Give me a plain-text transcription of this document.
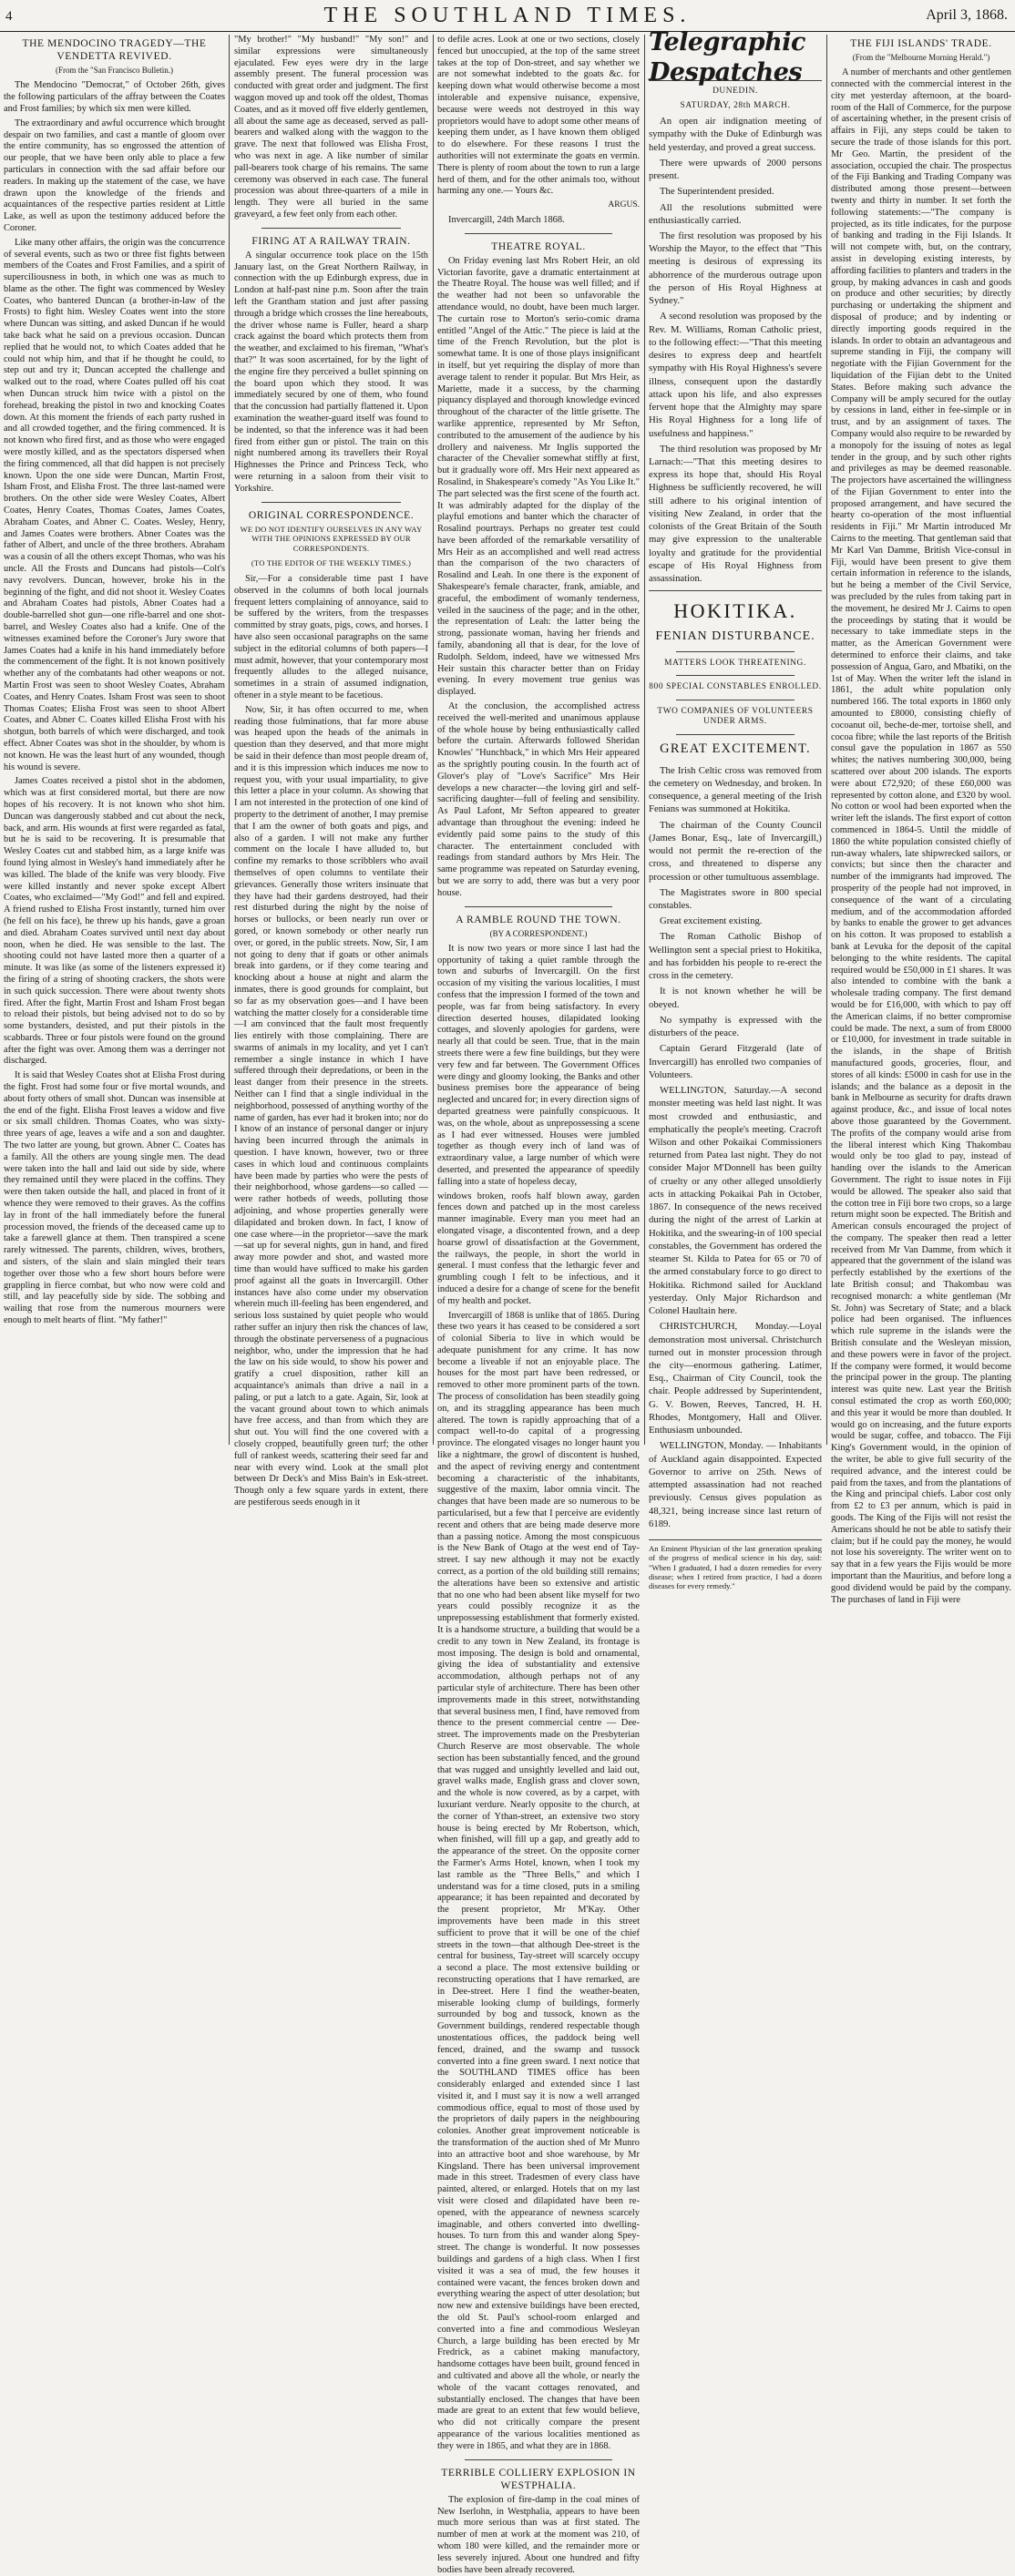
4	THE SOUTHLAND TIMES.	April 3, 1868.
THE MENDOCINO TRAGEDY—THE VENDETTA REVIVED.
(From the "San Francisco Bulletin.)

The Mendocino "Democrat," of October 26th, gives the following particulars of the affray between the Coates and Frost families; by which six men were killed.

The extraordinary and awful occurrence which brought despair on two families, and cast a mantle of gloom over the entire community, has so engrossed the attention of our people, that we have been only able to place a few particulars in connection with the sad affair before our readers. In making up the statement of the case, we have drawn upon the knowledge of the friends and acquaintances of the respective parties resident at Little Lake, as well as upon the testimony adduced before the Coroner.

Like many other affairs, the origin was the concurrence of several events, such as two or three fist fights between members of the Coates and Frost Families, and a spirit of superciliousness in both, in which one was as much to blame as the other. The fight was commenced by Wesley Coates, who bantered Duncan (a brother-in-law of the Frosts) to fight him. Wesley Coates went into the store where Duncan was sitting, and asked Duncan if he would take back what he said on a previous occasion. Duncan replied that he would not, to which Coates added that he could not whip him, and that if he thought he could, to step out and try it; Duncan accepted the challenge and walked out to the road, where Coates pulled off his coat when Duncan struck him twice with a pistol on the forehead, breaking the pistol in two and knocking Coates down. At this moment the friends of each party rushed in and all crowded together, and the firing commenced. It is not known who fired first, and as those who were engaged were mostly killed, and as the spectators dispersed when the firing commenced, all that did happen is not precisely known. Upon the one side were Duncan, Martin Frost, Isham Frost, and Elisha Frost. The three last-named were brothers. On the other side were Wesley Coates, Albert Coates, Henry Coates, Thomas Coates, James Coates, Abraham Coates, and Abner C. Coates. Wesley, Henry, and James Coates were brothers. Abner Coates was the father of Albert, and uncle of the three brothers. Abraham was a cousin of all the others except Thomas, who was his uncle. All the Frosts and Duncans had pistols—Colt's navy revolvers. Duncan, however, broke his in the beginning of the fight, and did not shoot it. Wesley Coates and Abraham Coates had pistols, Abner Coates had a double-barrelled shot gun—one rifle-barrel and one shot-barrel, and Wesley Coates also had a knife. One of the witnesses examined before the Coroner's Jury swore that James Coates had a knife in his hand immediately before the commencement of the fight. It is not known positively whether any of the combatants had other weapons or not. Martin Frost was seen to shoot Wesley Coates, Abraham Coates, and Henry Coates. Isham Frost was seen to shoot Thomas Coates; Elisha Frost was seen to shoot Albert Coates, and Abner C. Coates killed Elisha Frost with his shotgun, both barrels of which were discharged, and took effect. Abner Coates was shot in the shoulder, by whom is not known. He was the least hurt of any wounded, though his wound is severe.

James Coates received a pistol shot in the abdomen, which was at first considered mortal, but there are now hopes of his recovery. It is not known who shot him. Duncan was dangerously stabbed and cut about the neck, back, and arm. His wounds at first were regarded as fatal, but he is said to be recovering. It is presumable that Wesley Coates cut and stabbed him, as a large knife was found lying almost in Wesley's hand immediately after he was killed. The blade of the knife was very bloody. Five were killed instantly and never spoke except Albert Coates, who exclaimed—"My God!" and fell and expired. A friend rushed to Elisha Frost instantly, turned him over (he fell on his face), he threw up his hands, gave a groan and died. Abraham Coates survived until next day about noon, when he died. He was sensible to the last. The shooting could not have lasted more then a quarter of a minute. It was like (as some of the listeners expressed it) the firing of a string of shooting crackers, the shots were in such quick succession. There were about twenty shots fired. After the fight, Martin Frost and Isham Frost began to reload their pistols, but being advised not to do so by some bystanders, desisted, and put their pistols in the scabbards. Three or four pistols were found on the ground after the fight was over. Among them was a derringer not discharged.

It is said that Wesley Coates shot at Elisha Frost during the fight. Frost had some four or five mortal wounds, and about forty others of small shot. Duncan was insensible at the end of the fight. Elisha Frost leaves a widow and five or six small children. Thomas Coates, who was sixty-three years of age, leaves a wife and a son and daughter. The two latter are young, but grown. Abner C. Coates has a family. All the others are young single men. The dead were taken into the hall and laid out side by side, where they remained until they were placed in the coffins. They were then taken outside the hall, and placed in front of it whence they were removed to their graves. As the coffins lay in front of the hall immediately before the funeral procession moved, the friends of the deceased came up to take a farewell glance at them. Then transpired a scene rarely witnessed. The parents, children, wives, brothers, and sisters, of the slain and slain mingled their tears together over those who a few short hours before were grappling in fierce combat, but who now were cold and still, and lay peacefully side by side. The sobbing and wailing that rose from the numerous mourners were enough to melt hearts of flint. "My father!"

"My brother!" "My husband!" "My son!" and similar expressions were simultaneously ejaculated. Few eyes were dry in the large assembly present. The funeral procession was conducted with great order and judgment. The first waggon moved up and took off the oldest, Thomas Coates, and as it moved off five elderly gentlemen, all about the same age as deceased, served as pall-bearers and walked along with the waggon to the grave. The next that followed was Elisha Frost, who was next in age. A like number of similar pall-bearers took charge of his remains. The same ceremony was observed in each case. The funeral procession was about three-quarters of a mile in length. They were all buried in the same graveyard, a few feet only from each other.

FIRING AT A RAILWAY TRAIN.

A singular occurrence took place on the 15th January last, on the Great Northern Railway, in connection with the up Edinburgh express, due in London at half-past nine p.m. Soon after the train left the Grantham station and just after passing through a bridge which crosses the line hereabouts, the driver whose name is Fuller, heard a sharp crack against the board which protects them from the weather, and exclaimed to his fireman, "What's that?" It was soon ascertained, for by the light of the engine fire they perceived a bullet spinning on the board upon which they stood. It was immediately secured by one of them, who found that the concussion had partially flattened it. Upon examination the weather-guard itself was found to be indented, so that the inference was it had been fired from either gun or pistol. The train on this night numbered among its travellers their Royal Highnesses the Prince and Princess Teck, who were returning in a saloon from their visit to Yorkshire.

ORIGINAL CORRESPONDENCE.
WE DO NOT IDENTIFY OURSELVES IN ANY WAY WITH THE OPINIONS EXPRESSED BY OUR CORRESPONDENTS.
(TO THE EDITOR OF THE WEEKLY TIMES.)

Sir,—For a considerable time past I have observed in the columns of both local journals frequent letters complaining of annoyance, said to be suffered by the writers, from the trespasses committed by stray goats, pigs, cows, and horses. I have also seen occasional paragraphs on the same subject in the editorial columns of both papers—I must admit, however, that your contemporary most frequently alludes to the alleged nuisance, sometimes in a strain of assumed indignation, oftener in a style meant to be facetious.

Now, Sir, it has often occurred to me, when reading those fulminations, that far more abuse was heaped upon the heads of the animals in question than they deserved, and that more might be said in their defence than most people dream of, and it is this impression which induces me now to request you, with your usual impartiality, to give this letter a place in your column. As showing that I am not interested in the protection of one kind of property to the detriment of another, I may premise that I am the owner of both goats and pigs, and also of a garden. I will not make any further comment on the locale I have alluded to, but confine my remarks to those scribblers who avail themselves of open columns to ventilate their grievances. Generally those writers insinuate that they have had their gardens destroyed, had their rest disturbed during the night by the noise of horses or bullocks, or been nearly run over or gored, or known somebody or other nearly run over, or gored, in the public streets. Now, Sir, I am not going to deny that if goats or other animals break into gardens, or if they come tearing and knocking about a house at night and alarm the inmates, there is good grounds for complaint, but so far as my observation goes—and I have been watching the matter closely for a considerable time—I am convinced that the fault most frequently lies entirely with those complaining. There are swarms of animals in my locality, and yet I can't remember a single instance in which I have suffered through their depredations, or been in the least danger from their presence in the streets. Neither can I find that a single individual in the neighborhood, possessed of anything worthy of the name of garden, has ever had it broken into; nor do I know of an instance of personal danger or injury having been incurred through the animals in question. I have known, however, two or three cases in which loud and continuous complaints have been made by parties who were the pests of their neighborhood, whose gardens—so called —were rather hotbeds of weeds, polluting those adjoining, and whose properties generally were dilapidated and broken down. In fact, I know of one case where—in the proprietor—save the mark—sat up for several nights, gun in hand, and fired away more powder and shot, and wasted more time than would have sufficed to make his garden proof against all the goats in Invercargill. Other instances have also come under my observation wherein much ill-feeling has been engendered, and serious loss sustained by quiet people who would rather suffer an injury then risk the chances of law, through the obstinate perverseness of a pugnacious neighbor, who, under the impression that he had the law on his side would, to show his power and gratify a cruel disposition, rather kill an acquaintance's animals than drive a nail in a paling, or put a latch to a gate. Again, Sir, look at the vacant ground about town to which animals have free access, and than from which they are shut out. You will find the one covered with a closely cropped, beautifully green turf; the other full of rankest weeds, scattering their seed far and near with every wind. Look at the small plot between Dr Deck's and Miss Bain's in Esk-street. Though only a few square yards in extent, there are pestiferous seeds enough in it

to defile acres. Look at one or two sections, closely fenced but unoccupied, at the top of the same street takes at the top of Don-street, and say whether we are not somewhat indebted to the goats &c. for keeping down what would otherwise become a most intolerable and expensive nuisance, expensive, because were weeds not destroyed in this way proprietors would have to adopt some other means of keeping them under, as I have known them obliged to do elsewhere. For these reasons I trust the authorities will not exterminate the goats en vermin. There is plenty of room about the town to run a large herd of them, and for the other animals too, without harming any one.— Yours &c.

ARGUS.

Invercargill, 24th March 1868.

THEATRE ROYAL.

On Friday evening last Mrs Robert Heir, an old Victorian favorite, gave a dramatic entertainment at the Theatre Royal. The house was well filled; and if the weather had not been so unfavorable the attendance would, no doubt, have been much larger. The curtain rose to Morton's serio-comic drama entitled "Angel of the Attic." The piece is laid at the time of the French Revolution, but the plot is somewhat tame. It is one of those plays insignificant in itself, but yet requiring the display of more than average talent to render it popular. But Mrs Heir, as Mariette, made it a success, by the charming piquancy displayed and thorough knowledge evinced throughout of the character of the little grisette. The warlike apprentice, represented by Mr Sefton, contributed to the amusement of the audience by his drollery and naiveness. Mr Inglis supported the character of the Chevalier somewhat stiffly at first, but it gradually wore off. Mrs Heir next appeared as Rosalind, in Shakespeare's comedy "As You Like It." The part selected was the first scene of the fourth act. It was admirably adapted for the display of the playful emotions and banter which the character of Rosalind pourtrays. Perhaps no greater test could have been afforded of the remarkable versatility of Mrs Heir as an accomplished and well read actress than the comparison of the two characters of Rosalind and Leah. In one there is the exponent of Shakespeare's female character, frank, amiable, and graceful, the embodiment of womanly tenderness, veiled in the sauciness of the page; and in the other, the representation of Leah: the latter being the strong, passionate woman, having her friends and family, abandoning all that is dear, for the love of Rudolph. Seldom, indeed, have we witnessed Mrs Heir sustain this character better than on Friday evening. In every movement true genius was displayed.

At the conclusion, the accomplished actress received the well-merited and unanimous applause of the whole house by being enthusiastically called before the curtain. Afterwards followed Sheridan Knowles' "Hunchback," in which Mrs Heir appeared as the sprightly pouting cousin. In the fourth act of Glover's play of "Love's Sacrifice" Mrs Heir develops a new character—the loving girl and self-sacrificing daughter—full of feeling and sensibility. As Paul Lafont, Mr Sefton appeared to greater advantage than throughout the evening: indeed he evidently paid some pains to the study of this character. The entertainment concluded with readings from standard authors by Mrs Heir. The same programme was repeated on Saturday evening, but we are sorry to add, there was but a very poor house.

A RAMBLE ROUND THE TOWN.
(BY A CORRESPONDENT.)

It is now two years or more since I last had the opportunity of taking a quiet ramble through the town and suburbs of Invercargill. On the first occasion of my visiting the various localities, I must confess that the impression I formed of the town and people, was far from being satisfactory. In every direction deserted houses, dilapidated looking cottages, and slovenly apologies for gardens, were nearly all that could be seen. True, that in the main streets there were a few fine buildings, but they were very few and far between. The Government Offices were dingy and gloomy looking, the Banks and other business premises bore the appearance of being neglected and uncared for; in every direction signs of departed greatness were painfully conspicuous. It was, on the whole, about as unprepossessing a scene as I had ever witnessed. Houses were jumbled together as though every inch of land was of extraordinary value, a large number of which were deserted, and presented the appearance of speedily falling into a state of hopeless decay,

windows broken, roofs half blown away, garden fences down and patched up in the most careless manner imaginable. Every man you meet had an elongated visage, a discontented frown, and a deep hoarse growl of dissatisfaction at the Government, the railways, the people, in short the world in general. I must confess that the lethargic fever and grumbling cough I felt to be infectious, and it induced a desire for a change of scene for the benefit of my health and pocket.

Invercargill of 1868 is unlike that of 1865. During these two years it has ceased to be considered a sort of colonial Siberia to live in which would be adequate punishment for any crime. It has now become a liveable if not an enjoyable place. The houses for the most part have been redressed, or removed to other more prominent parts of the town. The process of consolidation has been steadily going on, and its straggling appearance has been much altered. The town is rapidly approaching that of a compact well-to-do capital of a progressing province. The elongated visages no longer haunt you like a nightmare, the growl of discontent is hushed, and the aspect of reviving energy and contentment becoming a characteristic of the inhabitants, suggestive of the maxim, labor omnia vincit. The changes that have been made are so numerous to be particularised, but a few that I perceive are evidently recent and others that are being made deserve more than a passing notice. Among the most conspicuous is the New Bank of Otago at the west end of Tay-street. I say new although it may not be exactly correct, as a portion of the old building still remains; the alterations have been so extensive and artistic that no one who had been absent like myself for two years could possibly recognize it as the unprepossessing establishment that formerly existed. It is a handsome structure, a building that would be a credit to any town in New Zealand, its frontage is most imposing. The design is bold and ornamental, giving the idea of substantiality and extensive accommodation, although perhaps not of any particular style of architecture. There has been other improvements made in this street, notwithstanding that several business men, I find, have removed from thence to the present commercial centre — Dee-street. The improvements made on the Presbyterian Church Reserve are most observable. The whole section has been substantially fenced, and the ground that was rugged and unsightly levelled and laid out, gravel walks made, English grass and clover sown, and the whole is now covered, as by a carpet, with luxuriant verdure. Nearly opposite to the church, at the corner of Ythan-street, an extensive two story house is being erected by Mr Robertson, which, when finished, will fill up a gap, and greatly add to the appearance of the street. On the opposite corner the Farmer's Arms Hotel, known, when I took my last ramble as the "Three Bells," and which I understand was for a time closed, puts in a smiling appearance; it has been repainted and decorated by the present proprietor, Mr M'Kay. Other improvements have been made in this street sufficient to prove that it will be one of the chief streets in the town—that although Dee-street is the central for business, Tay-street will scarcely occupy a second a place. The most extensive building or reconstructing operations that I have remarked, are in Dee-street. Here I find the weather-beaten, miserable looking clump of buildings, formerly surrounded by bog and tussock, known as the Government buildings, rendered respectable though unostentatious offices, the paddock being well fenced, drained, and the swamp and tussock converted into a fine green sward. I next notice that the SOUTHLAND TIMES office has been considerably enlarged and extended since I last visited it, and I must say it is now a well arranged commodious office, equal to most of those used by the proprietors of daily papers in the neighbouring colonies. Another great improvement noticeable is the transformation of the auction shed of Mr Munro into an attractive boot and shoe warehouse, by Mr Kingsland. There has been universal improvement made in this street. Tradesmen of every class have painted, altered, or enlarged. Hotels that on my last visit were closed and dilapidated have been re-opened, with the appearance of newness scarcely imaginable, and others converted into dwelling-houses. To turn from this and wander along Spey-street. The change is wonderful. It now possesses buildings and gardens of a high class. When I first visited it was a sea of mud, the few houses it contained were vacant, the fences broken down and everything wearing the aspect of utter desolation; but now new and extensive buildings have been erected, the old St. Paul's school-room enlarged and converted into a fine and commodious Wesleyan Church, a large building has been erected by Mr Fredrick, as a cabinet making manufactory, handsome cottages have been built, ground fenced in and cultivated and above all the whole, or nearly the whole of the vacant cottages renovated, and substantially enclosed. The changes that have been made are great to an extent that few would believe, who did not critically compare the present appearance of the various localities mentioned as they were in 1865, and what they are in 1868.

TERRIBLE COLLIERY EXPLOSION IN WESTPHALIA.

The explosion of fire-damp in the coal mines of New Iserlohn, in Westphalia, appears to have been much more serious than was at first stated. The number of men at work at the moment was 210, of whom 180 were killed, and the remainder more or less severely injured. About one hundred and fifty bodies have been already recovered.

Telegraphic Despatches
DUNEDIN.
SATURDAY, 28th MARCH.

An open air indignation meeting of sympathy with the Duke of Edinburgh was held yesterday, and proved a great success.

There were upwards of 2000 persons present.

The Superintendent presided.

All the resolutions submitted were enthusiastically carried.

The first resolution was proposed by his Worship the Mayor, to the effect that "This meeting is desirous of expressing its abhorrence of the murderous outrage upon the person of His Royal Highness at Sydney."

A second resolution was proposed by the Rev. M. Williams, Roman Catholic priest, to the following effect:—"That this meeting desires to express deep and heartfelt sympathy with His Royal Highness's severe illness, consequent upon the dastardly attack upon his life, and also expresses fervent hope that the Almighty may spare His Royal Highness for a long life of usefulness and happiness."

The third resolution was proposed by Mr Larnach:—"That this meeting desires to express its hope that, should His Royal Highness be sufficiently recovered, he will still adhere to his original intention of visiting New Zealand, in order that the colonists of the Great Britain of the South may give expression to the unalterable loyalty and gratitude for the providential escape of His Royal Highness from assassination.

HOKITIKA.
FENIAN DISTURBANCE.
MATTERS LOOK THREATENING.
800 SPECIAL CONSTABLES ENROLLED.
TWO COMPANIES OF VOLUNTEERS UNDER ARMS.
GREAT EXCITEMENT.

The Irish Celtic cross was removed from the cemetery on Wednesday, and broken. In consequence, a general meeting of the Irish Fenians was summoned at Hokitika.

The chairman of the County Council (James Bonar, Esq., late of Invercargill,) would not permit the re-erection of the cross, and threatened to disperse any procession or other tumultuous assemblage.

The Magistrates swore in 800 special constables.

Great excitement existing.

The Roman Catholic Bishop of Wellington sent a special priest to Hokitika, and has forbidden his people to re-erect the cross in the cemetery.

It is not known whether he will be obeyed.

No sympathy is expressed with the disturbers of the peace.

Captain Gerard Fitzgerald (late of Invercargill) has enrolled two companies of Volunteers.

WELLINGTON, Saturday.—A second monster meeting was held last night. It was most crowded and enthusiastic, and emphatically the people's meeting. Cracroft Wilson and other Pokaikai Commissioners returned from Patea last night. They do not consider Major M'Donnell has been guilty of cruelty or any other alleged unsoldierly acts in attacking Pokaikai Pah in October, 1867. In consequence of the news received during the night of the arrest of Larkin at Hokitika, and the swearing-in of 100 special constables, the Government has ordered the steamer St. Kilda to Patea for 65 or 70 of the armed constabulary force to go direct to Hokitika. Richmond sailed for Auckland yesterday. Only Major Richardson and Colonel Haultain here.

CHRISTCHURCH, Monday.—Loyal demonstration most universal. Christchurch turned out in monster procession through the city—enormous gathering. Latimer, Esq., Chairman of City Council, took the chair. People addressed by Superintendent, G. V. Bowen, Reeves, Tancred, H. H. Rhodes, Montgomery, Hall and Oliver. Enthusiasm unbounded.

WELLINGTON, Monday. — Inhabitants of Auckland again disappointed. Expected Governor to arrive on 25th. News of attempted assassination had not reached previously. Census gives population as 48,321, being increase since last return of 6189.

An Eminent Physician of the last generation speaking of the progress of medical science in his day, said: "When I graduated, I had a dozen remedies for every disease; when I retired from practice, I had a dozen diseases for every remedy."
THE FIJI ISLANDS' TRADE.
(From the "Melbourne Morning Herald.")

A number of merchants and other gentlemen connected with the commercial interest in the city met yesterday afternoon, at the board-room of the Hall of Commerce, for the purpose of ascertaining whether, in the present crisis of affairs in Fiji, any steps could be taken to secure the trade of those islands for this port. Mr Geo. Martin, the president of the association, occupied the chair. The prospectus of the Fiji Banking and Trading Company was distributed among those present—between twenty and thirty in number. It set forth the following statements:—"The company is projected, as its title indicates, for the purpose of banking and trading in the Fiji Islands. It will not compete with, but, on the contrary, assist in developing existing interests, by affording facilities to planters and traders in the group, by making advances in cash and goods on produce and other securities; by directly purchasing or undertaking the shipment and disposal of produce; and by indenting or directly importing goods required in the islands. In order to obtain an advantageous and supreme standing in Fiji, the company will negotiate with the Fijian Government for the liquidation of the Fijian debt to the United States. Before making such advance the Company will be amply secured for the outlay by cessions in land, either in fee-simple or in trust, and by an assignment of taxes. The Company would also require to be rewarded by a monopoly for the issuing of notes as legal tender in the group, and by such other rights and privileges as may be deemed reasonable. The projectors have ascertained the willingness of the Fijian Government to enter into the proposed arrangement, and have secured the hearty co-operation of the most influential residents in Fiji." Mr Martin introduced Mr Cairns to the meeting. That gentleman said that Mr Karl Van Damme, British Vice-consul in Fiji, would have been present to give them certain information in reference to the islands, but he being a member of the Civil Service, was precluded by the rules from taking part in the movement, he desired Mr J. Cairns to open the proceedings by stating that it would be necessary to take immediate steps in the matter, as the American Government were determined to enforce their claims, and take possession of Angua, Garo, and Mbatiki, on the 1st of May. When the writer left the island in 1861, the adult white population only numbered 166. The total exports in 1860 only amounted to £8000, consisting chiefly of cocoanut oil, beche-de-mer, tortoise shell, and cocoa fibre; while the last reports of the British consul gave the population in 1867 as 550 whites; the natives numbering 300,000, being scattered over about 200 islands. The exports were about £72,920; of these £60,000 was represented by cotton alone, and £320 by wool. No cotton or wool had been exported when the writer left the islands. The first export of cotton commenced in 1864-5. Until the middle of 1860 the white population consisted chiefly of run-away whalers, late shipwrecked sailors, or convicts; but since then the character and number of the immigrants had improved. The prosperity of the people had not improved, in consequence of the want of a circulating medium, and of the accommodation afforded by banks to enable the grower to get advances on his cotton. It was proposed to establish a bank at Levuka for the deposit of the capital belonging to the white residents. The capital required would be £50,000 in £1 shares. It was also intended to combine with the bank a wholesale trading company. The first demand would be for £16,000, with which to pay off the American claims, if no better compromise could be made. The next, a sum of from £8000 or £10,000, for investment in trade suitable in the islands, in the shape of British manufactured goods, groceries, flour, and stores of all kinds: £5000 in cash for use in the islands; and the balance as a deposit in the bank in Melbourne as security for drafts drawn against produce, &c., and issue of local notes above those guaranteed by the Government. The profits of the company would arise from the liberal interest which King Thakombau would only be too glad to pay, instead of handing over the islands to the American Government. The right to issue notes in Fiji would be allowed. The speaker also said that the cotton tree in Fiji bore two crops, so a large return might soon be expected. The British and American consuls encouraged the project of the company. The speaker then read a letter received from Mr Van Damme, from which it appeared that the government of the island was perfectly established by the exertions of the late British consul; and Thakombau was recognised monarch: a white gentleman (Mr St. John) was Secretary of State; and a black police had been organised. The influences which rule supreme in the islands were the British consulate and the Wesleyan mission, and these powers were in favor of the project. If the company were formed, it would become the principal power in the group. The planting interest was quite new. Last year the British consul estimated the crop as worth £60,000; and this year it would be more than doubled. It would go on increasing, and the future exports would be sugar, coffee, and tobacco. The Fiji King's Government would, in the opinion of the writer, be able to give full security of the required advance, and the interest could be paid from the taxes, and from the plantations of the King and principal chiefs. Labor cost only from £2 to £3 per annum, which is paid in goods. The King of the Fijis will not resist the Americans should he not be able to satisfy their claim; but if he could pay the money, he would not lose his sovereignty. The writer went on to say that in a few years the Fijis would be more important than the Mauritius, and before long a good dividend would be paid by the company. The purchases of land in Fiji were
